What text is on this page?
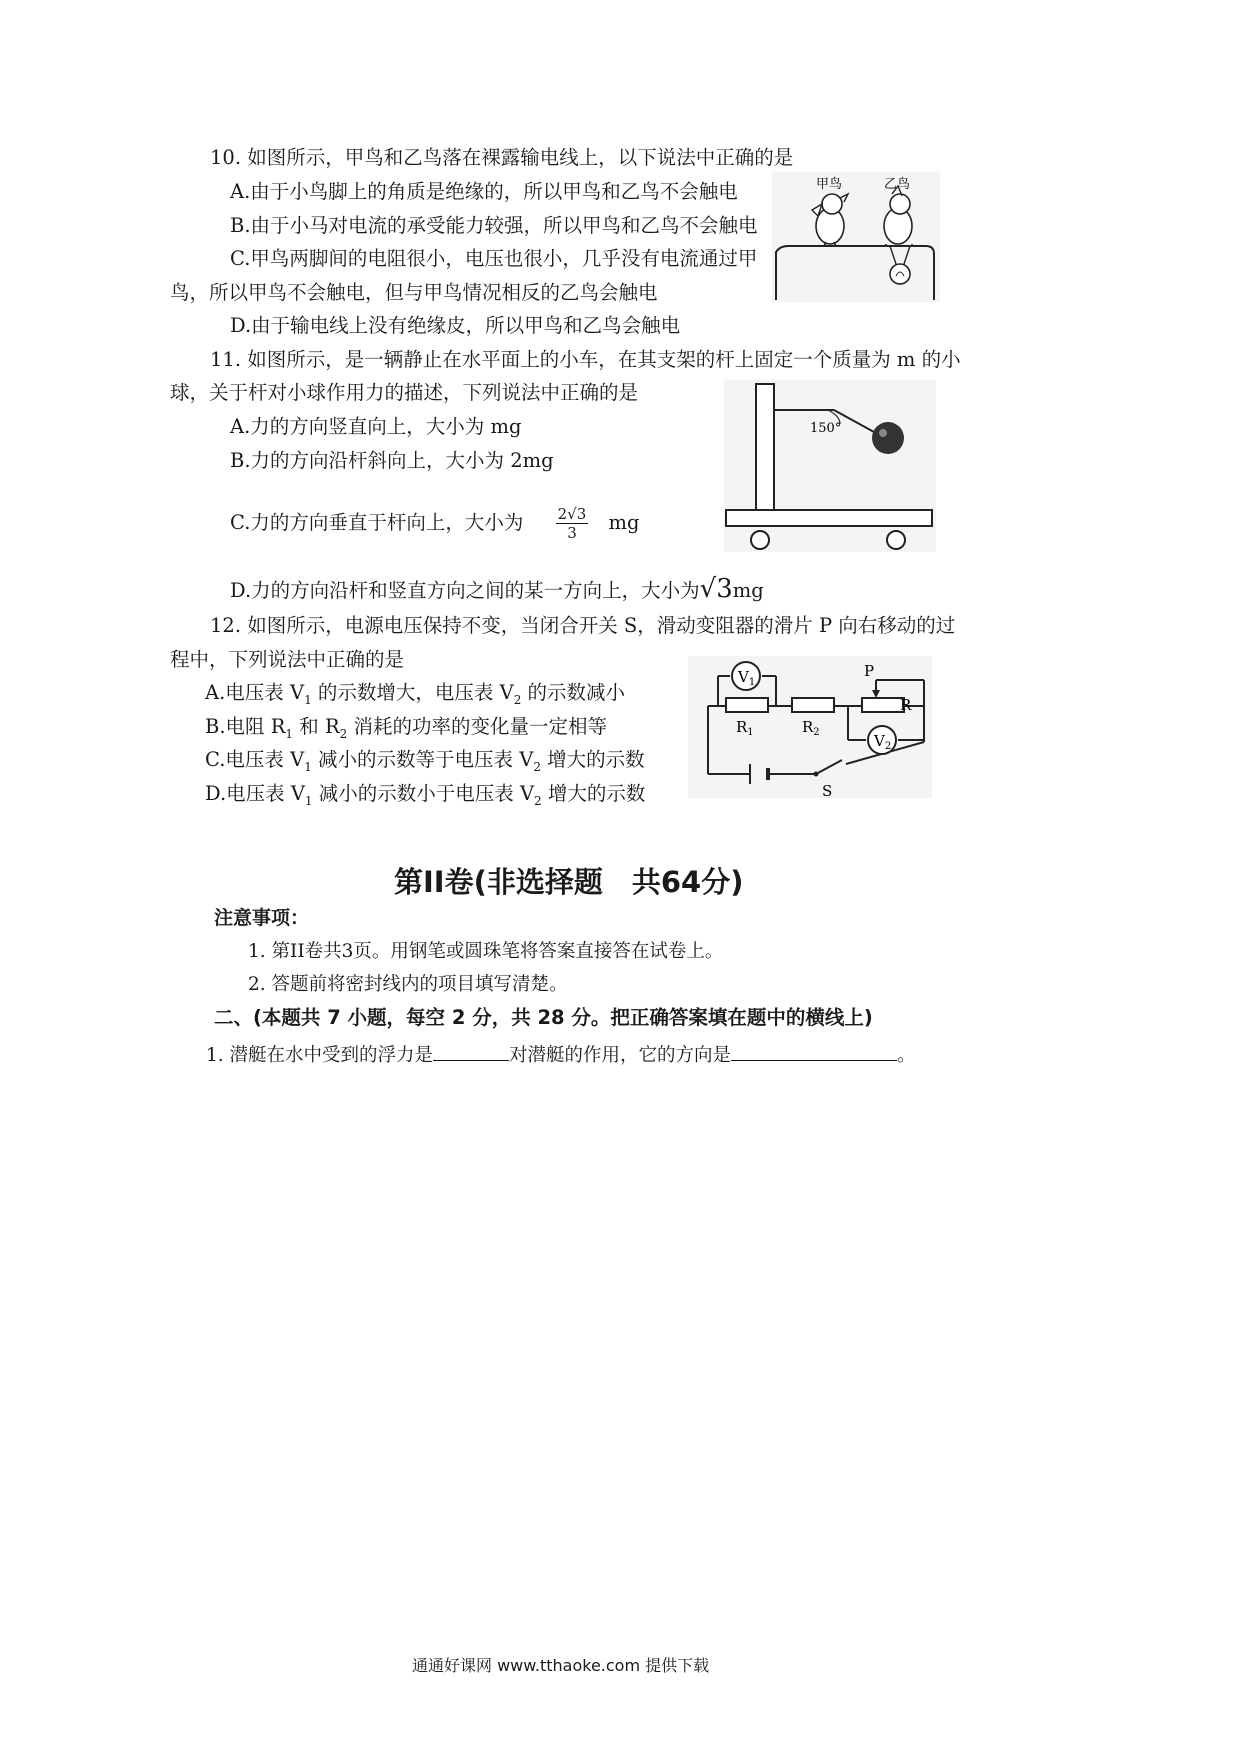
10. 如图所示，甲鸟和乙鸟落在裸露输电线上，以下说法中正确的是
A.由于小鸟脚上的角质是绝缘的，所以甲鸟和乙鸟不会触电
B.由于小马对电流的承受能力较强，所以甲鸟和乙鸟不会触电
C.甲鸟两脚间的电阻很小，电压也很小，几乎没有电流通过甲
鸟，所以甲鸟不会触电，但与甲鸟情况相反的乙鸟会触电
D.由于输电线上没有绝缘皮，所以甲鸟和乙鸟会触电
甲鸟	乙鸟
11. 如图所示，是一辆静止在水平面上的小车，在其支架的杆上固定一个质量为 m 的小
球，关于杆对小球作用力的描述，下列说法中正确的是
A.力的方向竖直向上，大小为 mg
B.力的方向沿杆斜向上，大小为 2mg
C.力的方向垂直于杆向上，大小为 $\frac{2√3}{3}$ mg
D.力的方向沿杆和竖直方向之间的某一方向上，大小为√3mg
150°
12. 如图所示，电源电压保持不变，当闭合开关 S，滑动变阻器的滑片 P 向右移动的过
程中，下列说法中正确的是
A.电压表 $V_1$ 的示数增大，电压表 $V_2$ 的示数减小
B.电阻 $R_1$ 和 $R_2$ 消耗的功率的变化量一定相等
C.电压表 $V_1$ 减小的示数等于电压表 $V_2$ 增大的示数
D.电压表 $V_1$ 减小的示数小于电压表 $V_2$ 增大的示数
$V_1$
$V_2$
$R_1$	$R_2$
R
P
S
第II卷(非选择题　共64分)
注意事项：
1. 第II卷共3页。用钢笔或圆珠笔将答案直接答在试卷上。
2. 答题前将密封线内的项目填写清楚。
二、(本题共 7 小题，每空 2 分，共 28 分。把正确答案填在题中的横线上)
1. 潜艇在水中受到的浮力是	对潜艇的作用，它的方向是	。
通通好课网 www.tthaoke.com 提供下载
